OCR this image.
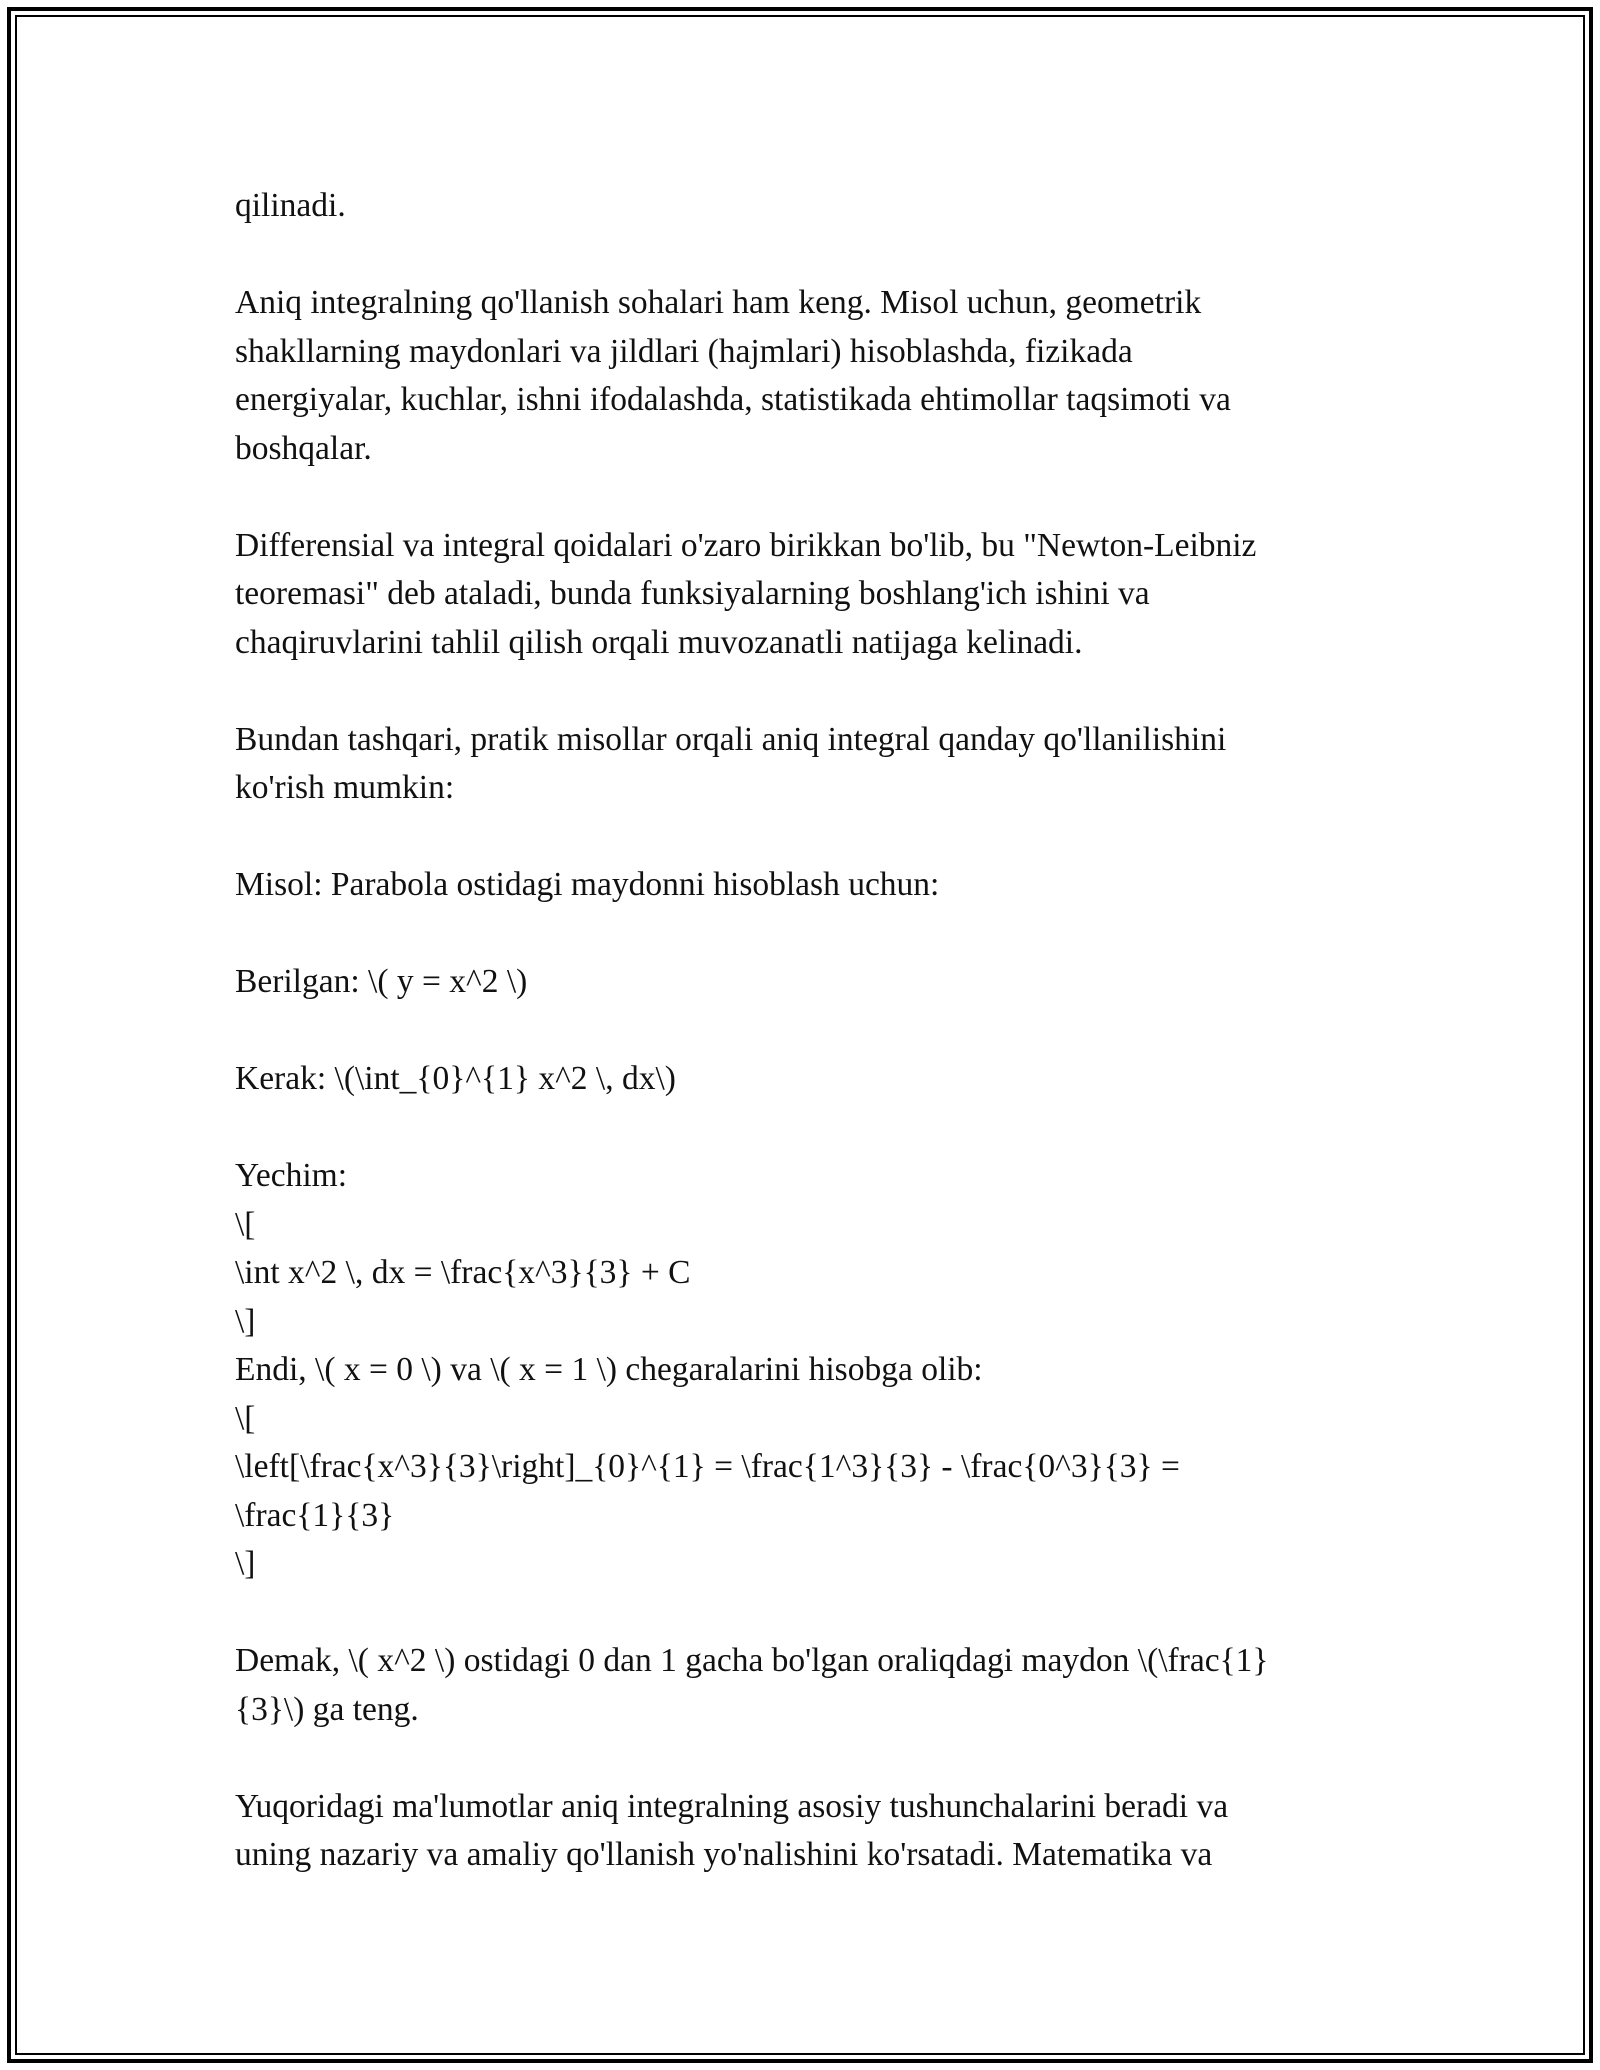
qilinadi.
Aniq integralning qo'llanish sohalari ham keng. Misol uchun, geometrik
shakllarning maydonlari va jildlari (hajmlari) hisoblashda, fizikada
energiyalar, kuchlar, ishni ifodalashda, statistikada ehtimollar taqsimoti va
boshqalar.
Differensial va integral qoidalari o'zaro birikkan bo'lib, bu "Newton-Leibniz
teoremasi" deb ataladi, bunda funksiyalarning boshlang'ich ishini va
chaqiruvlarini tahlil qilish orqali muvozanatli natijaga kelinadi.
Bundan tashqari, pratik misollar orqali aniq integral qanday qo'llanilishini
ko'rish mumkin:
Misol: Parabola ostidagi maydonni hisoblash uchun:
Berilgan: \( y = x^2 \)
Kerak: \(\int_{0}^{1} x^2 \, dx\)
Yechim:
\[
\int x^2 \, dx = \frac{x^3}{3} + C
\]
Endi, \( x = 0 \) va \( x = 1 \) chegaralarini hisobga olib:
\[
\left[\frac{x^3}{3}\right]_{0}^{1} = \frac{1^3}{3} - \frac{0^3}{3} =
\frac{1}{3}
\]
Demak, \( x^2 \) ostidagi 0 dan 1 gacha bo'lgan oraliqdagi maydon \(\frac{1}
{3}\) ga teng.
Yuqoridagi ma'lumotlar aniq integralning asosiy tushunchalarini beradi va
uning nazariy va amaliy qo'llanish yo'nalishini ko'rsatadi. Matematika va
